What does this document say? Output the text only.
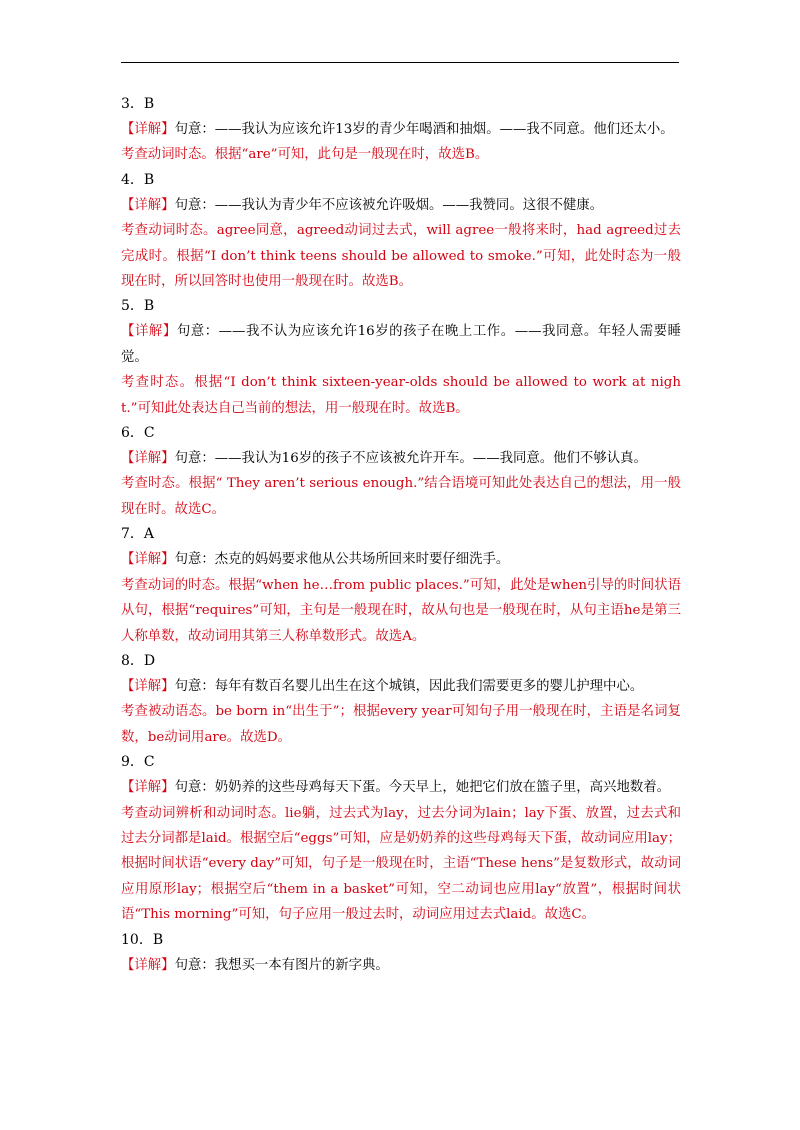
3．B

【详解】句意：——我认为应该允许13岁的青少年喝酒和抽烟。——我不同意。他们还太小。

考查动词时态。根据“are”可知，此句是一般现在时，故选B。

4．B

【详解】句意：——我认为青少年不应该被允许吸烟。——我赞同。这很不健康。

考查动词时态。agree同意，agreed动词过去式，will agree一般将来时，had agreed过去完成时。根据“I don’t think teens should be allowed to smoke.”可知，此处时态为一般现在时，所以回答时也使用一般现在时。故选B。

5．B

【详解】句意：——我不认为应该允许16岁的孩子在晚上工作。——我同意。年轻人需要睡觉。

考查时态。根据“I don’t think sixteen-year-olds should be allowed to work at night.”可知此处表达自己当前的想法，用一般现在时。故选B。

6．C

【详解】句意：——我认为16岁的孩子不应该被允许开车。——我同意。他们不够认真。

考查时态。根据“ They aren’t serious enough.”结合语境可知此处表达自己的想法，用一般现在时。故选C。

7．A

【详解】句意：杰克的妈妈要求他从公共场所回来时要仔细洗手。

考查动词的时态。根据“when he…from public places.”可知，此处是when引导的时间状语从句，根据“requires”可知，主句是一般现在时，故从句也是一般现在时，从句主语he是第三人称单数，故动词用其第三人称单数形式。故选A。

8．D

【详解】句意：每年有数百名婴儿出生在这个城镇，因此我们需要更多的婴儿护理中心。

考查被动语态。be born in“出生于”；根据every year可知句子用一般现在时，主语是名词复数，be动词用are。故选D。

9．C

【详解】句意：奶奶养的这些母鸡每天下蛋。今天早上，她把它们放在篮子里，高兴地数着。

考查动词辨析和动词时态。lie躺，过去式为lay，过去分词为lain；lay下蛋、放置，过去式和过去分词都是laid。根据空后“eggs”可知，应是奶奶养的这些母鸡每天下蛋，故动词应用lay；根据时间状语“every day”可知，句子是一般现在时，主语“These hens”是复数形式，故动词应用原形lay；根据空后“them in a basket”可知，空二动词也应用lay“放置”，根据时间状语“This morning”可知，句子应用一般过去时，动词应用过去式laid。故选C。

10．B

【详解】句意：我想买一本有图片的新字典。
